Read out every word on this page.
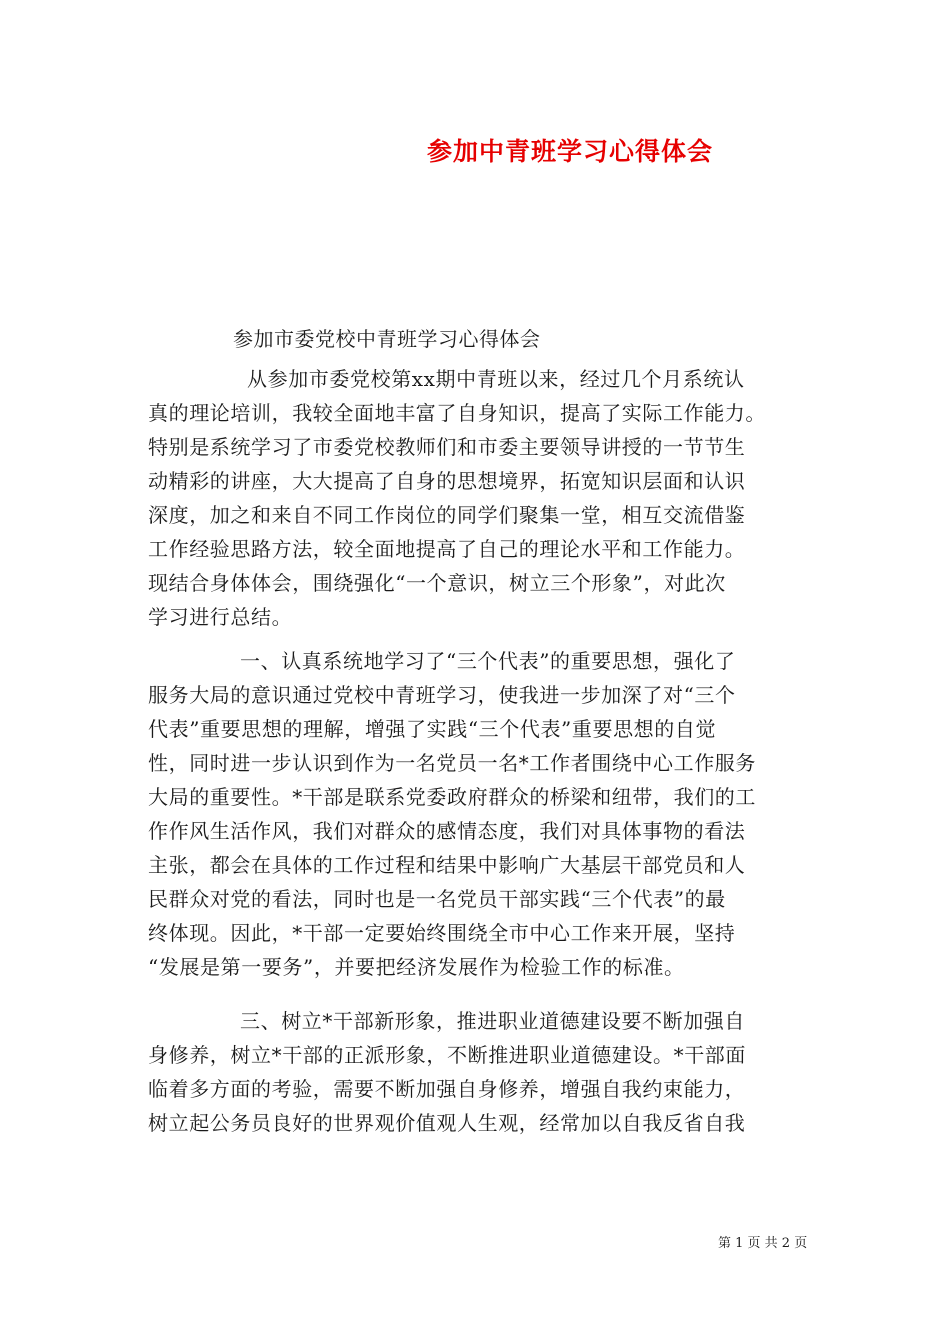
参加中青班学习心得体会
参加市委党校中青班学习心得体会
从参加市委党校第xx期中青班以来，经过几个月系统认
真的理论培训，我较全面地丰富了自身知识，提高了实际工作能力。
特别是系统学习了市委党校教师们和市委主要领导讲授的一节节生
动精彩的讲座，大大提高了自身的思想境界，拓宽知识层面和认识
深度，加之和来自不同工作岗位的同学们聚集一堂，相互交流借鉴
工作经验思路方法，较全面地提高了自己的理论水平和工作能力。
现结合身体体会，围绕强化“一个意识，树立三个形象”，对此次
学习进行总结。
一、认真系统地学习了“三个代表”的重要思想，强化了
服务大局的意识通过党校中青班学习，使我进一步加深了对“三个
代表”重要思想的理解，增强了实践“三个代表”重要思想的自觉
性，同时进一步认识到作为一名党员一名*工作者围绕中心工作服务
大局的重要性。*干部是联系党委政府群众的桥梁和纽带，我们的工
作作风生活作风，我们对群众的感情态度，我们对具体事物的看法
主张，都会在具体的工作过程和结果中影响广大基层干部党员和人
民群众对党的看法，同时也是一名党员干部实践“三个代表”的最
终体现。因此，*干部一定要始终围绕全市中心工作来开展，坚持
“发展是第一要务”，并要把经济发展作为检验工作的标准。
三、树立*干部新形象，推进职业道德建设要不断加强自
身修养，树立*干部的正派形象，不断推进职业道德建设。*干部面
临着多方面的考验，需要不断加强自身修养，增强自我约束能力，
树立起公务员良好的世界观价值观人生观，经常加以自我反省自我
第 1 页 共 2 页
